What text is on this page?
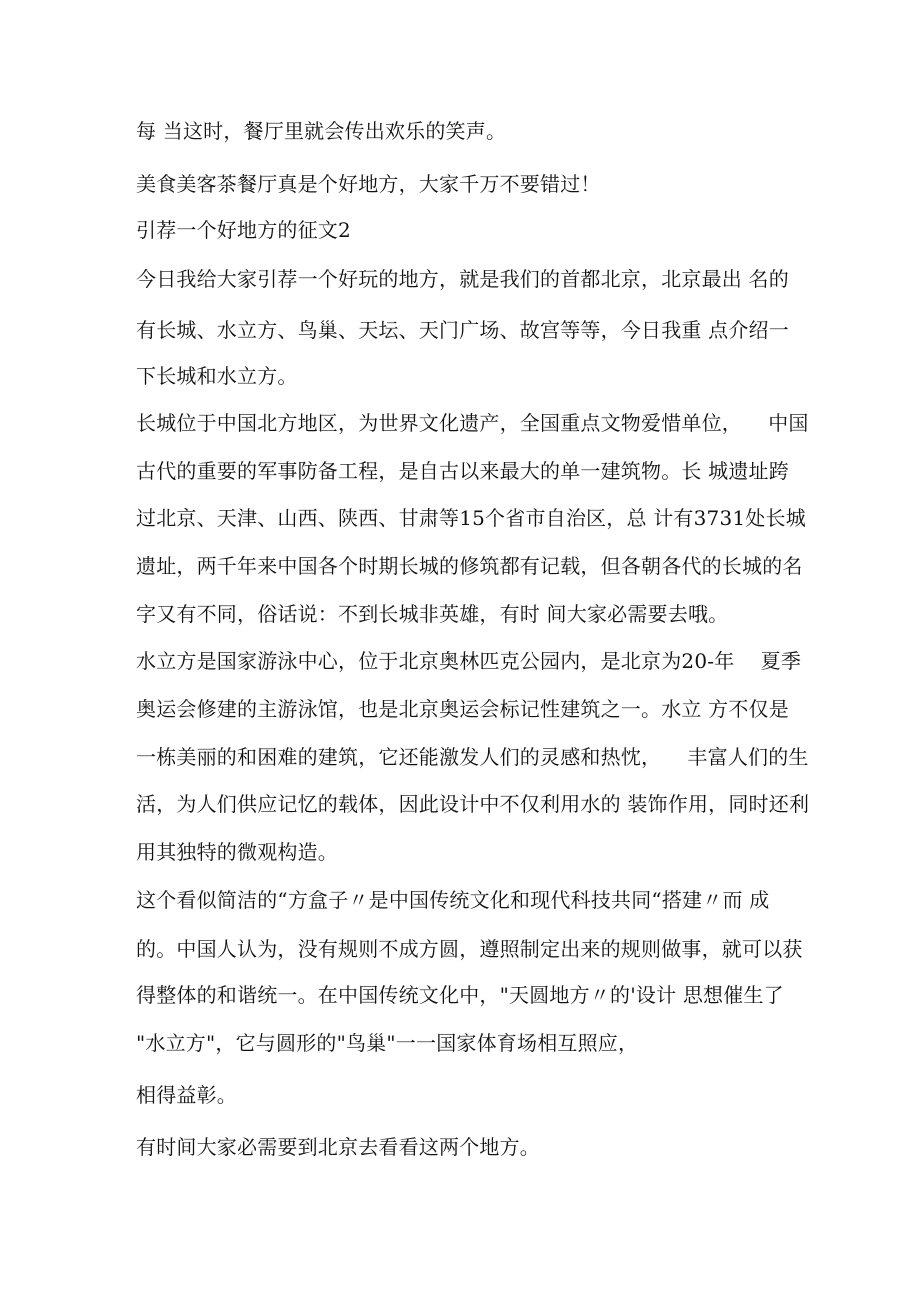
每 当这时，餐厅里就会传出欢乐的笑声。
美食美客茶餐厅真是个好地方，大家千万不要错过！
引荐一个好地方的征文2
今日我给大家引荐一个好玩的地方，就是我们的首都北京，北京最出 名的
有长城、水立方、鸟巢、天坛、天门广场、故宫等等，今日我重 点介绍一
下长城和水立方。
长城位于中国北方地区，为世界文化遗产，全国重点文物爱惜单位，    中国
古代的重要的军事防备工程，是自古以来最大的单一建筑物。长 城遗址跨
过北京、天津、山西、陕西、甘肃等15个省市自治区，总 计有3731处长城
遗址，两千年来中国各个时期长城的修筑都有记载，但各朝各代的长城的名
字又有不同，俗话说：不到长城非英雄，有时 间大家必需要去哦。
水立方是国家游泳中心，位于北京奥林匹克公园内，是北京为20-年    夏季
奥运会修建的主游泳馆，也是北京奥运会标记性建筑之一。水立 方不仅是
一栋美丽的和困难的建筑，它还能激发人们的灵感和热忱，    丰富人们的生
活，为人们供应记忆的载体，因此设计中不仅利用水的 装饰作用，同时还利
用其独特的微观构造。
这个看似简洁的“方盒子〃是中国传统文化和现代科技共同“搭建〃而 成
的。中国人认为，没有规则不成方圆，遵照制定出来的规则做事，就可以获
得整体的和谐统一。在中国传统文化中，"天圆地方〃的'设计 思想催生了
"水立方"，它与圆形的"鸟巢"一一国家体育场相互照应，
相得益彰。
有时间大家必需要到北京去看看这两个地方。
